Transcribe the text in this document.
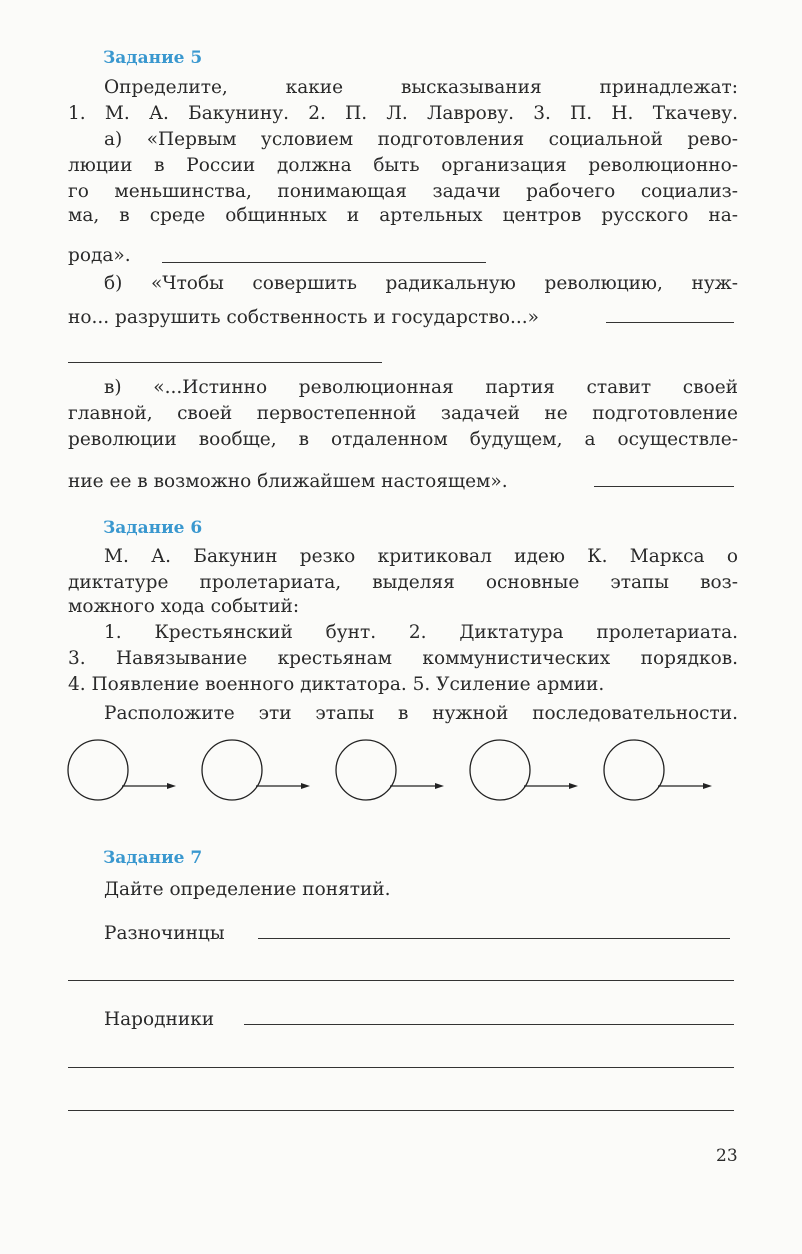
Задание 5
Определите, какие высказывания принадлежат:
1. М. А. Бакунину. 2. П. Л. Лаврову. 3. П. Н. Ткачеву.
а) «Первым условием подготовления социальной рево-
люции в России должна быть организация революционно-
го меньшинства, понимающая задачи рабочего социализ-
ма, в среде общинных и артельных центров русского на-
рода».
б) «Чтобы совершить радикальную революцию, нуж-
но... разрушить собственность и государство...»
в) «...Истинно революционная партия ставит своей
главной, своей первостепенной задачей не подготовление
революции вообще, в отдаленном будущем, а осуществле-
ние ее в возможно ближайшем настоящем».
Задание 6
М. А. Бакунин резко критиковал идею К. Маркса о
диктатуре пролетариата, выделяя основные этапы воз-
можного хода событий:
1. Крестьянский бунт. 2. Диктатура пролетариата.
3. Навязывание крестьянам коммунистических порядков.
4. Появление военного диктатора. 5. Усиление армии.
Расположите эти этапы в нужной последовательности.
Задание 7
Дайте определение понятий.
Разночинцы
Народники
23
